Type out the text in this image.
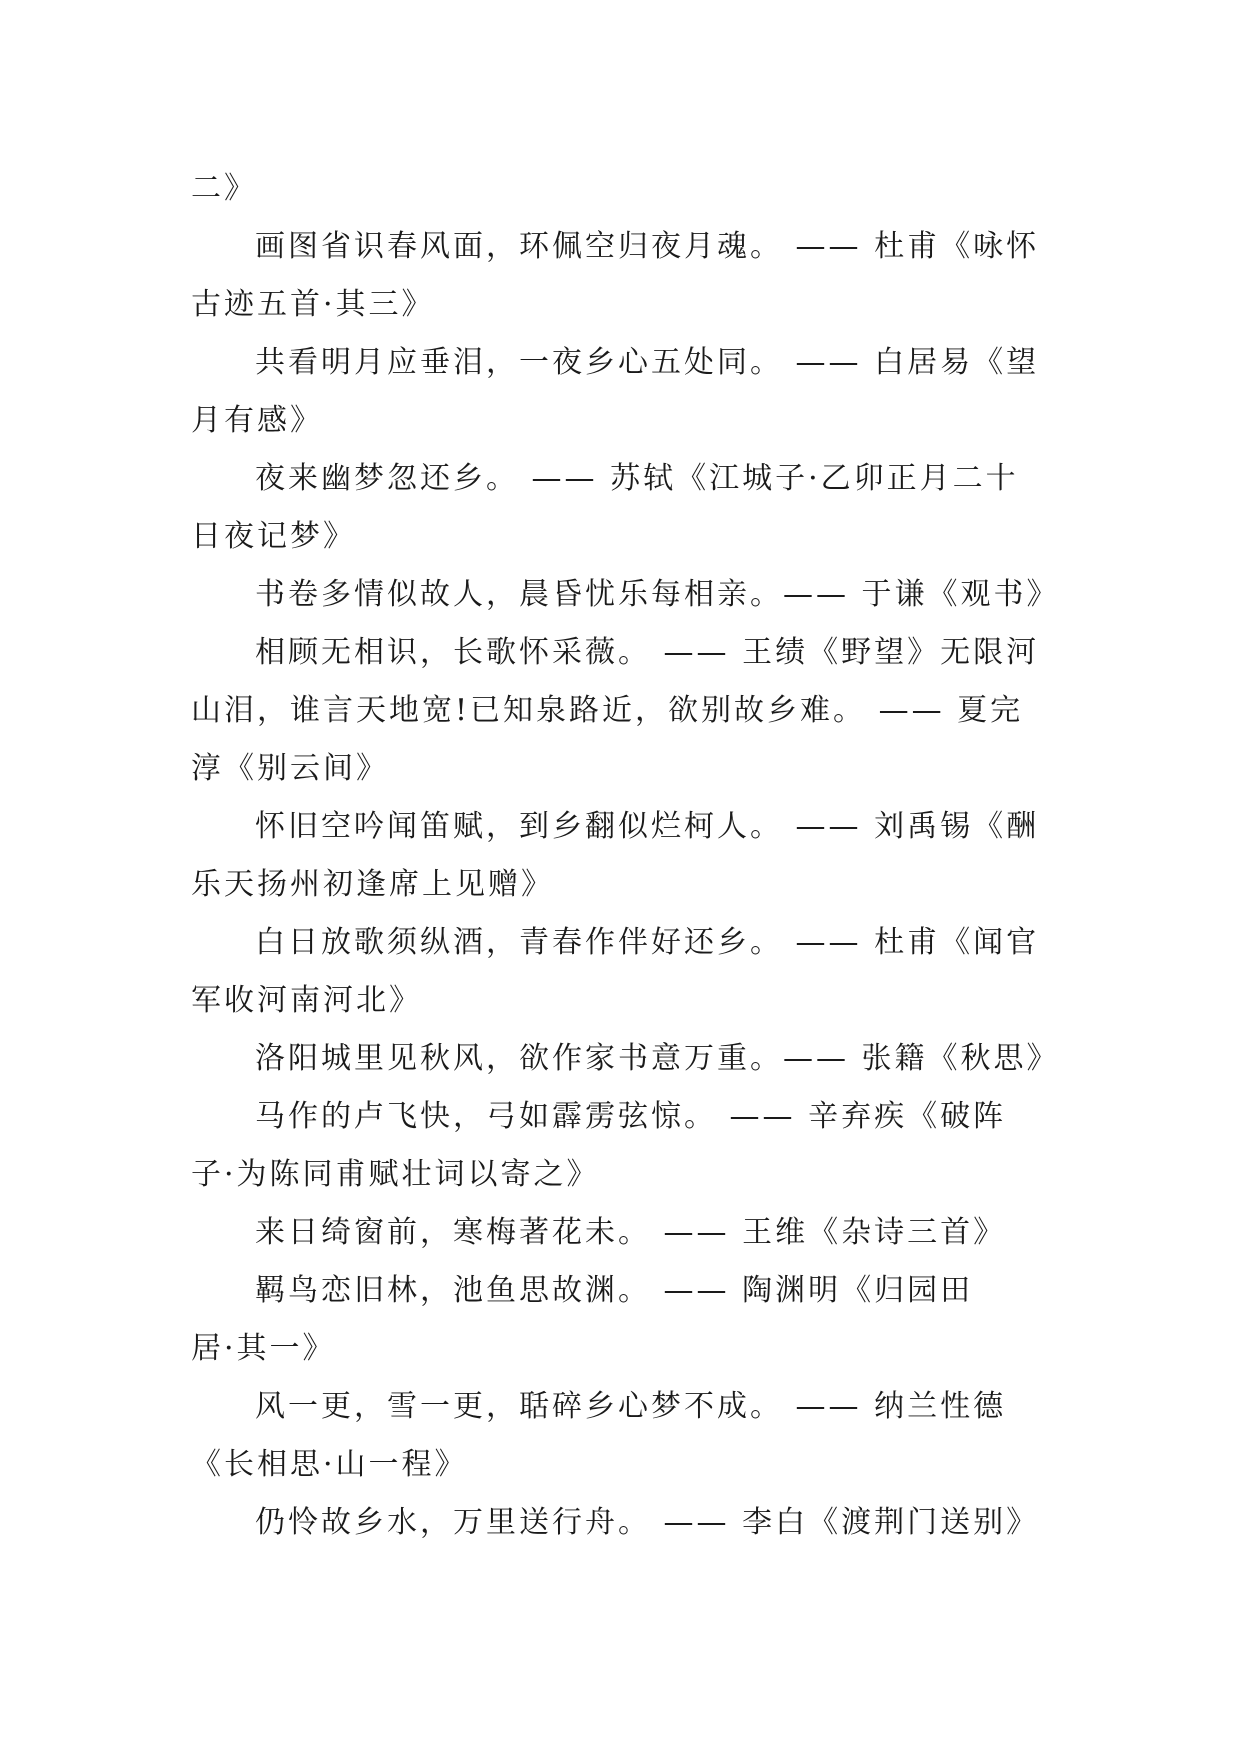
二》
画图省识春风面，环佩空归夜月魂。 —— 杜甫《咏怀
古迹五首·其三》
共看明月应垂泪，一夜乡心五处同。 —— 白居易《望
月有感》
夜来幽梦忽还乡。 —— 苏轼《江城子·乙卯正月二十
日夜记梦》
书卷多情似故人，晨昏忧乐每相亲。—— 于谦《观书》
相顾无相识，长歌怀采薇。 —— 王绩《野望》无限河
山泪，谁言天地宽!已知泉路近，欲别故乡难。 —— 夏完
淳《别云间》
怀旧空吟闻笛赋，到乡翻似烂柯人。 —— 刘禹锡《酬
乐天扬州初逢席上见赠》
白日放歌须纵酒，青春作伴好还乡。 —— 杜甫《闻官
军收河南河北》
洛阳城里见秋风，欲作家书意万重。—— 张籍《秋思》
马作的卢飞快，弓如霹雳弦惊。 —— 辛弃疾《破阵
子·为陈同甫赋壮词以寄之》
来日绮窗前，寒梅著花未。 —— 王维《杂诗三首》
羁鸟恋旧林，池鱼思故渊。 —— 陶渊明《归园田
居·其一》
风一更，雪一更，聒碎乡心梦不成。 —— 纳兰性德
《长相思·山一程》
仍怜故乡水，万里送行舟。 —— 李白《渡荆门送别》
